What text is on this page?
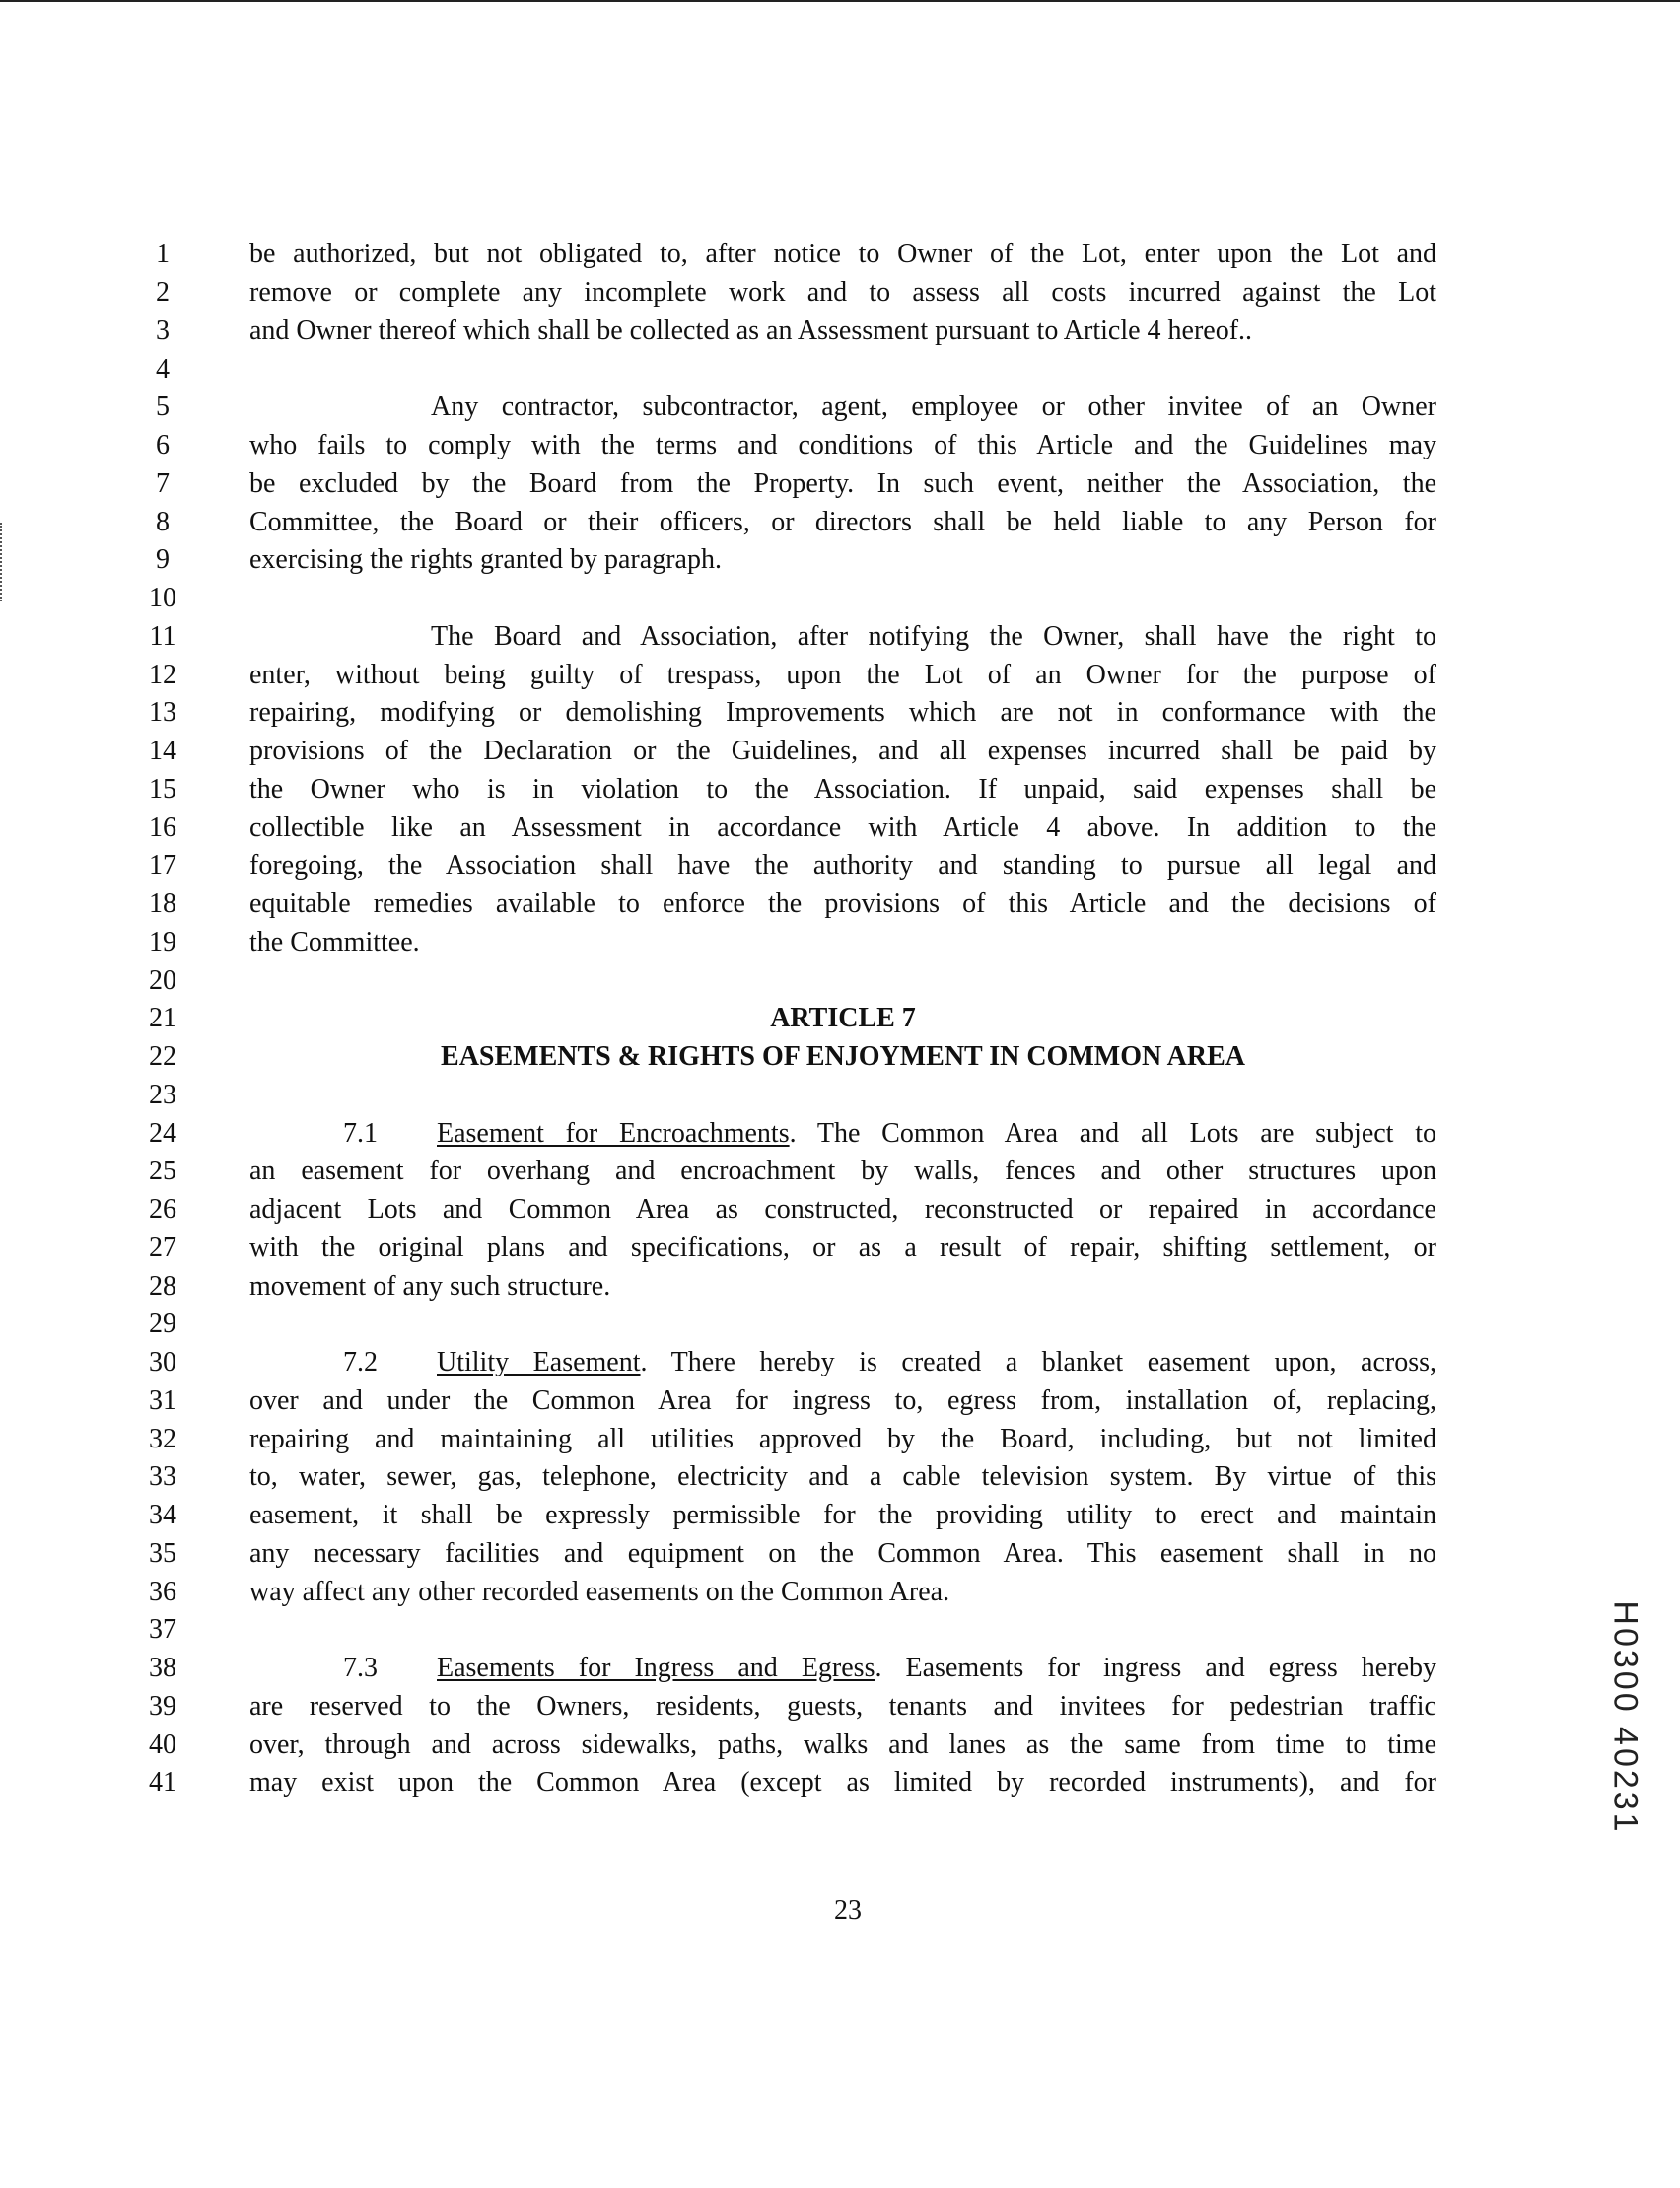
1
2
3
4
5
6
7
8
9
10
11
12
13
14
15
16
17
18
19
20
21
22
23
24
25
26
27
28
29
30
31
32
33
34
35
36
37
38
39
40
41
be authorized, but not obligated to, after notice to Owner of the Lot, enter upon the Lot and
remove or complete any incomplete work and to assess all costs incurred against the Lot
and Owner thereof which shall be collected as an Assessment pursuant to Article 4 hereof..
Any contractor, subcontractor, agent, employee or other invitee of an Owner
who fails to comply with the terms and conditions of this Article and the Guidelines may
be excluded by the Board from the Property. In such event, neither the Association, the
Committee, the Board or their officers, or directors shall be held liable to any Person for
exercising the rights granted by paragraph.
The Board and Association, after notifying the Owner, shall have the right to
enter, without being guilty of trespass, upon the Lot of an Owner for the purpose of
repairing, modifying or demolishing Improvements which are not in conformance with the
provisions of the Declaration or the Guidelines, and all expenses incurred shall be paid by
the Owner who is in violation to the Association. If unpaid, said expenses shall be
collectible like an Assessment in accordance with Article 4 above. In addition to the
foregoing, the Association shall have the authority and standing to pursue all legal and
equitable remedies available to enforce the provisions of this Article and the decisions of
the Committee.
ARTICLE 7
EASEMENTS & RIGHTS OF ENJOYMENT IN COMMON AREA
7.1 Easement for Encroachments. The Common Area and all Lots are subject to
an easement for overhang and encroachment by walls, fences and other structures upon
adjacent Lots and Common Area as constructed, reconstructed or repaired in accordance
with the original plans and specifications, or as a result of repair, shifting settlement, or
movement of any such structure.
7.2 Utility Easement. There hereby is created a blanket easement upon, across,
over and under the Common Area for ingress to, egress from, installation of, replacing,
repairing and maintaining all utilities approved by the Board, including, but not limited
to, water, sewer, gas, telephone, electricity and a cable television system. By virtue of this
easement, it shall be expressly permissible for the providing utility to erect and maintain
any necessary facilities and equipment on the Common Area. This easement shall in no
way affect any other recorded easements on the Common Area.
7.3 Easements for Ingress and Egress. Easements for ingress and egress hereby
are reserved to the Owners, residents, guests, tenants and invitees for pedestrian traffic
over, through and across sidewalks, paths, walks and lanes as the same from time to time
may exist upon the Common Area (except as limited by recorded instruments), and for
23
H0300 40231
